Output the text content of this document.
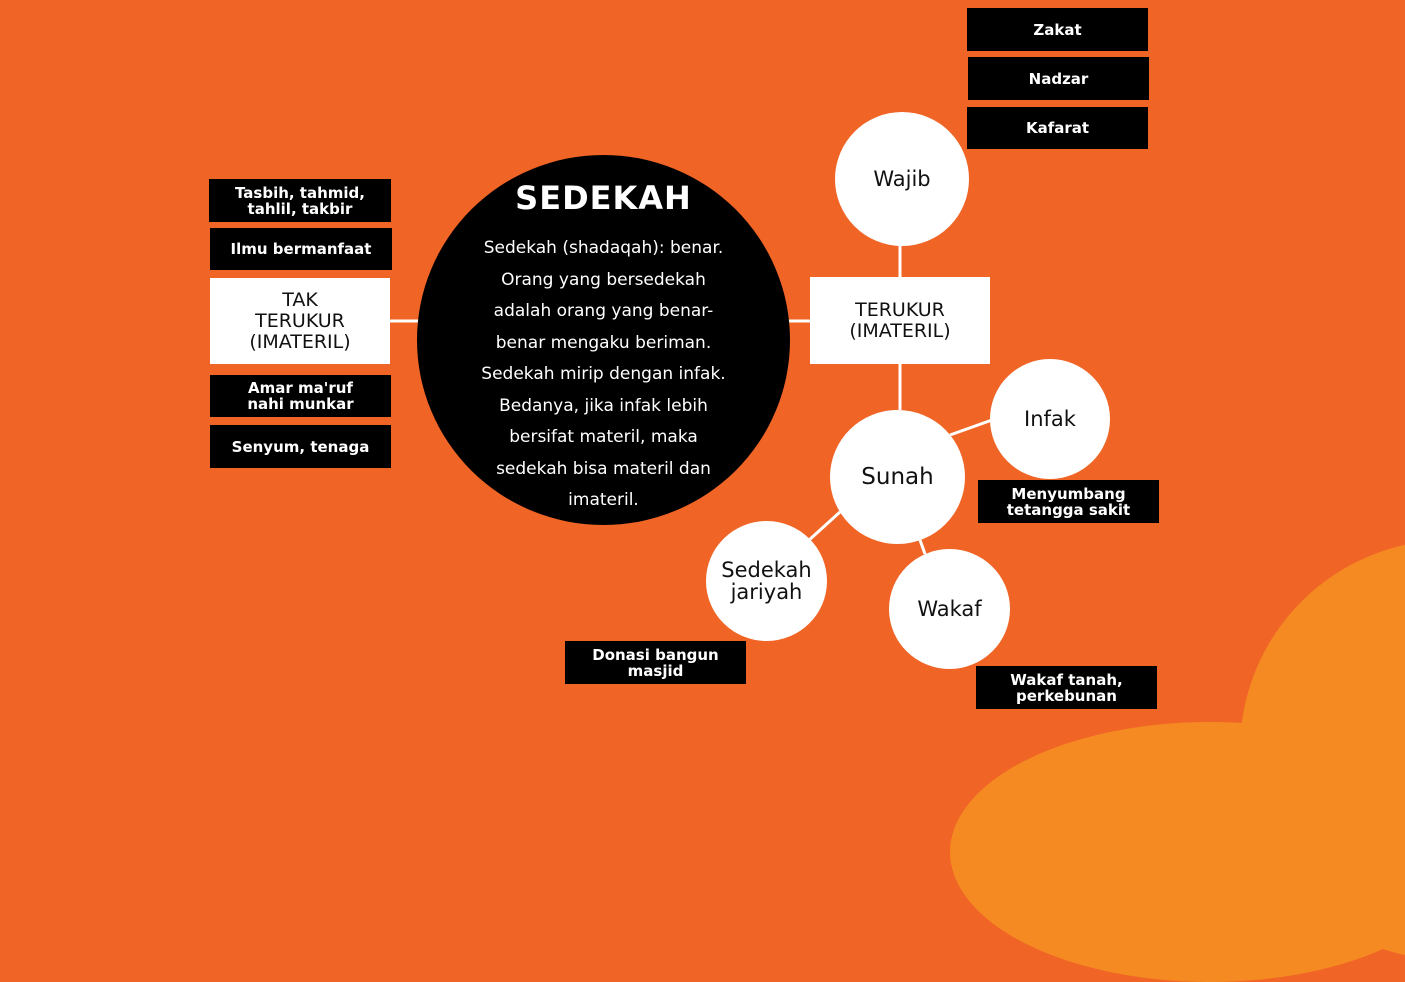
SEDEKAH
Sedekah (shadaqah): benar.
Orang yang bersedekah
adalah orang yang benar-
benar mengaku beriman.
Sedekah mirip dengan infak.
Bedanya, jika infak lebih
bersifat materil, maka
sedekah bisa materil dan
imateril.
TAK
TERUKUR
(IMATERIL)
Tasbih, tahmid,
tahlil, takbir
Ilmu bermanfaat
Amar ma'ruf
nahi munkar
Senyum, tenaga
TERUKUR
(IMATERIL)
Wajib
Zakat
Nadzar
Kafarat
Sunah
Infak
Menyumbang
tetangga sakit
Sedekah
jariyah
Donasi bangun
masjid
Wakaf
Wakaf tanah,
perkebunan
